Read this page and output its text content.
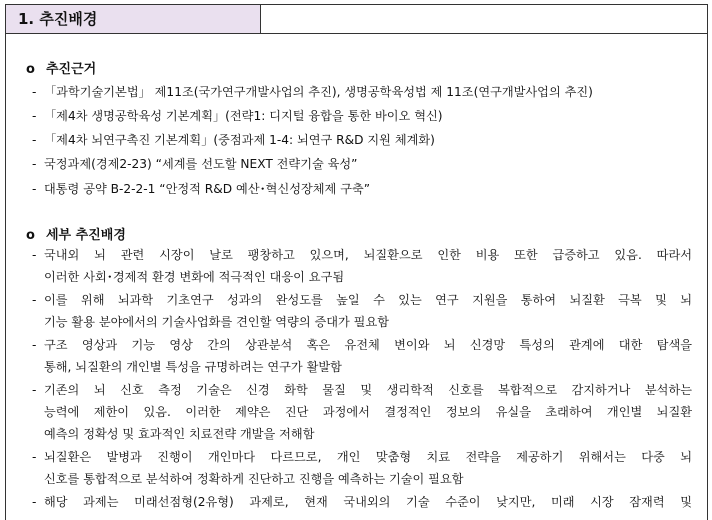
1. 추진배경
o 추진근거
- 「과학기술기본법」 제11조(국가연구개발사업의 추진), 생명공학육성법 제 11조(연구개발사업의 추진)
- 「제4차 생명공학육성 기본계획」(전략1: 디지털 융합을 통한 바이오 혁신)
- 「제4차 뇌연구촉진 기본계획」(중점과제 1-4: 뇌연구 R&D 지원 체계화)
- 국정과제(경제2-23) “세계를 선도할 NEXT 전략기술 육성”
- 대통령 공약 B-2-2-1 “안정적 R&D 예산･혁신성장체제 구축”
o 세부 추진배경
- 국내외 뇌 관련 시장이 날로 팽창하고 있으며, 뇌질환으로 인한 비용 또한 급증하고 있음. 따라서
이러한 사회･경제적 환경 변화에 적극적인 대응이 요구됨
- 이를 위해 뇌과학 기초연구 성과의 완성도를 높일 수 있는 연구 지원을 통하여 뇌질환 극복 및 뇌
기능 활용 분야에서의 기술사업화를 견인할 역량의 증대가 필요함
- 구조 영상과 기능 영상 간의 상관분석 혹은 유전체 변이와 뇌 신경망 특성의 관계에 대한 탐색을
통해, 뇌질환의 개인별 특성을 규명하려는 연구가 활발함
- 기존의 뇌 신호 측정 기술은 신경 화학 물질 및 생리학적 신호를 복합적으로 감지하거나 분석하는
능력에 제한이 있음. 이러한 제약은 진단 과정에서 결정적인 정보의 유실을 초래하여 개인별 뇌질환
예측의 정확성 및 효과적인 치료전략 개발을 저해함
- 뇌질환은 발병과 진행이 개인마다 다르므로, 개인 맞춤형 치료 전략을 제공하기 위해서는 다중 뇌
신호를 통합적으로 분석하여 정확하게 진단하고 진행을 예측하는 기술이 필요함
- 해당 과제는 미래선점형(2유형) 과제로, 현재 국내외의 기술 수준이 낮지만, 미래 시장 잠재력 및
